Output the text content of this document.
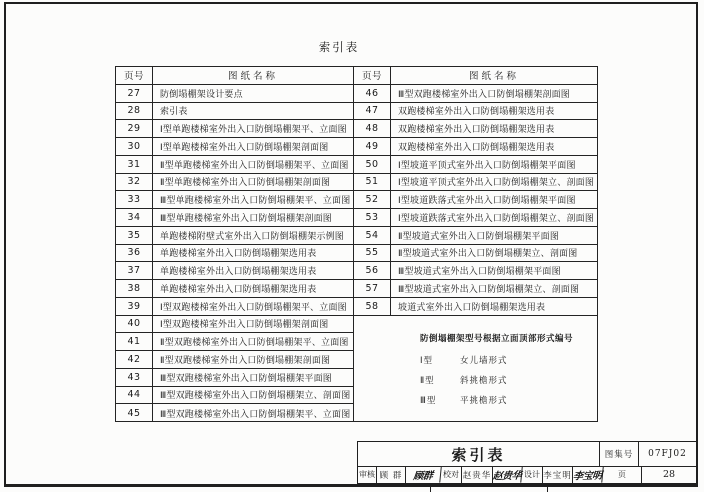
索引表
页号	图纸名称
27	防倒塌棚架设计要点
28	索引表
29	Ⅰ型单跑楼梯室外出入口防倒塌棚架平、立面图
30	Ⅰ型单跑楼梯室外出入口防倒塌棚架剖面图
31	Ⅱ型单跑楼梯室外出入口防倒塌棚架平、立面图
32	Ⅱ型单跑楼梯室外出入口防倒塌棚架剖面图
33	Ⅲ型单跑楼梯室外出入口防倒塌棚架平、立面图
34	Ⅲ型单跑楼梯室外出入口防倒塌棚架剖面图
35	单跑楼梯附壁式室外出入口防倒塌棚架示例图
36	单跑楼梯室外出入口防倒塌棚架选用表
37	单跑楼梯室外出入口防倒塌棚架选用表
38	单跑楼梯室外出入口防倒塌棚架选用表
39	Ⅰ型双跑楼梯室外出入口防倒塌棚架平、立面图
40	Ⅰ型双跑楼梯室外出入口防倒塌棚架剖面图
41	Ⅱ型双跑楼梯室外出入口防倒塌棚架平、立面图
42	Ⅱ型双跑楼梯室外出入口防倒塌棚架剖面图
43	Ⅲ型双跑楼梯室外出入口防倒塌棚架平面图
44	Ⅲ型双跑楼梯室外出入口防倒塌棚架立、剖面图
45	Ⅲ型双跑楼梯室外出入口防倒塌棚架平、立面图
页号	图纸名称
46	Ⅲ型双跑楼梯室外出入口防倒塌棚架剖面图
47	双跑楼梯室外出入口防倒塌棚架选用表
48	双跑楼梯室外出入口防倒塌棚架选用表
49	双跑楼梯室外出入口防倒塌棚架选用表
50	Ⅰ型坡道平顶式室外出入口防倒塌棚架平面图
51	Ⅰ型坡道平顶式室外出入口防倒塌棚架立、剖面图
52	Ⅰ型坡道跌落式室外出入口防倒塌棚架平面图
53	Ⅰ型坡道跌落式室外出入口防倒塌棚架立、剖面图
54	Ⅱ型坡道式室外出入口防倒塌棚架平面图
55	Ⅱ型坡道式室外出入口防倒塌棚架立、剖面图
56	Ⅲ型坡道式室外出入口防倒塌棚架平面图
57	Ⅲ型坡道式室外出入口防倒塌棚架立、剖面图
58	坡道式室外出入口防倒塌棚架选用表
防倒塌棚架型号根据立面顶部形式编号
Ⅰ型	女儿墙形式
Ⅱ型	斜挑檐形式
Ⅲ型	平挑檐形式
索引表	图集号	07FJ02
审核 顾 群	顾群	校对 赵贵华 赵贵华 设计 李宝明 李宝明	页	28
